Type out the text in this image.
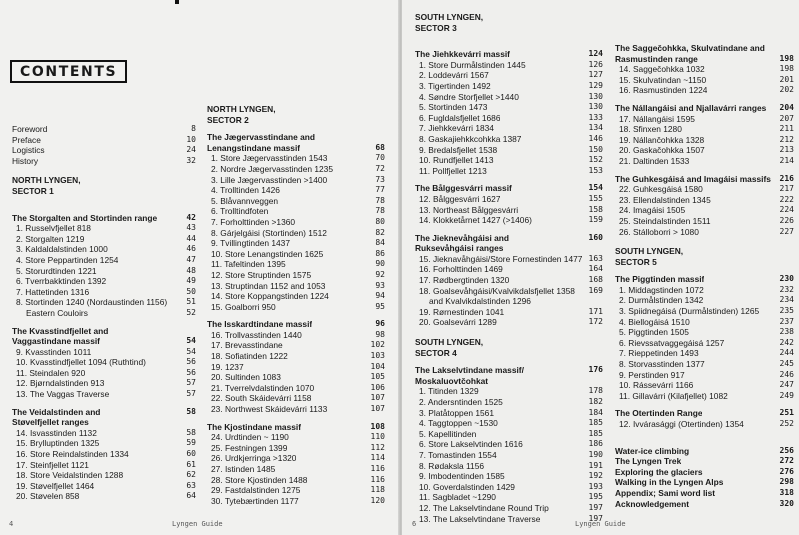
CONTENTS
Foreword	8
Preface	10
Logistics	24
History	32
NORTH LYNGEN,
SECTOR 1
The Storgalten and Stortinden range	42
1. Russelvfjellet 818	43
2. Storgalten 1219	44
3. Kaldaldalstinden 1000	46
4. Store Peppartinden 1254	47
5. Storurdtinden 1221	48
6. Tverrbakktinden 1392	49
7. Hattetinden 1316	50
8. Stortinden 1240 (Nordaustinden 1156) 51
Eastern Couloirs	52
The Kvasstindfjellet and
Vaggastindane massif	54
9. Kvasstinden 1011	54
10. Kvasstindfjellet 1094 (Ruthtind)	56
11. Steindalen 920	56
12. Bjørndalstinden 913	57
13. The Vaggas Traverse	57
The Veidalstinden and	58
Støvelfjellet ranges
14. Isvasstinden 1132	58
15. Brylluptinden 1325	59
16. Store Reindalstinden 1334	60
17. Steinfjellet 1121	61
18. Store Veidalstinden 1288	62
19. Støvelfjellet 1464	63
20. Støvelen 858	64
NORTH LYNGEN,
SECTOR 2
The Jægervasstindane and
Lenangstindane massif	68
1. Store Jægervasstinden 1543	70
2. Nordre Jægervasstinden 1235	72
3. Lille Jægervasstinden >1400	73
4. Trolltinden 1426	77
5. Blåvannveggen	78
6. Trolltindfoten	78
7. Forholttinden >1360	80
8. Gárjelgáisi (Stortinden) 1512	82
9. Tvillingtinden 1437	84
10. Store Lenangstinden 1625	86
11. Tafeltinden 1395	90
12. Store Struptinden 1575	92
13. Struptindan 1152 and 1053	93
14. Store Koppangstinden 1224	94
15. Goalborri 950	95
The Isskardtindane massif	96
16. Trollvasstinden 1440	98
17. Brevasstindane	102
18. Sofiatinden 1222	103
19. 1237	104
20. Sultinden 1083	105
21. Tverrelvdalstinden 1070	106
22. South Skáidevárri 1158	107
23. Northwest Skáidevárri 1133	107
The Kjostindane massif	108
24. Urdtinden ~ 1190	110
25. Festningen 1399	112
26. Urdkjerringa >1320	114
27. Istinden 1485	116
28. Store Kjostinden 1488	116
29. Fastdalstinden 1275	118
30. Tytebærtinden 1177	120
4	Lyngen Guide
SOUTH LYNGEN,
SECTOR 3
The Jiehkkevárri massif	124
1. Store Durmålstinden 1445	126
2. Loddevárri 1567	127
3. Tigertinden 1492	129
4. Søndre Storfjellet >1440	130
5. Stortinden 1473	130
6. Fugldalsfjellet 1686	133
7. Jiehkkevárri 1834	134
8. Gaskajiehkkcohkka 1387	146
9. Bredalsfjellet 1538	150
10. Rundfjellet 1413	152
11. Pollfjellet 1213	153
The Bålggesvárri massif	154
12. Bålggesvárri 1627	155
13. Northeast Bålggesvárri	158
14. Klokketårnet 1427 (>1406)	159
The Jieknevåhgáisi and	160
Ruksevåhgáisi ranges
15. Jieknavåhgáisi/Store Fornestinden 1477 163
16. Forholttinden 1469	164
17. Rødbergtinden 1320	168
18. Goalsevåhgáisi/Kvalvikdalsfjellet 1358 169
and Kvalvikdalstinden 1296
19. Rørnestinden 1041	171
20. Goalsevárri 1289	172
SOUTH LYNGEN,
SECTOR 4
The Lakselvtindane massif/	176
Moskaluovtčohkat
1. Titinden 1329	178
2. Andersntinden 1525	182
3. Platåtoppen 1561	184
4. Taggtoppen ~1530	185
5. Kapellitinden	185
6. Store Lakselvtinden 1616	186
7. Tomastinden 1554	190
8. Rødaksla 1156	191
9. Imbodentinden 1585	192
10. Goverdalstinden 1429	193
11. Sagbladet ~1290	195
12. The Lakselvtindane Round Trip	197
13. The Lakselvtindane Traverse	197
The Saggečohkka, Skulvatindane and
Rasmustinden range	198
14. Saggečohkka 1032	198
15. Skulvatindan ~1150	201
16. Rasmustinden 1224	202
The Nállangáisi and Njallavárri ranges 204
17. Nállangáisi 1595	207
18. Sfinxen 1280	211
19. Nállančohkka 1328	212
20. Gaskačohkka 1507	213
21. Daltinden 1533	214
The Guhkesgáisá and Imagáisi massifs 216
22. Guhkesgáisá 1580	217
23. Ellendalstinden 1345	222
24. Imagáisi 1505	224
25. Steindalstinden 1511	226
26. Stálloborri > 1080	227
SOUTH LYNGEN,
SECTOR 5
The Piggtinden massif	230
1. Middagstinden 1072	232
2. Durmålstinden 1342	234
3. Spiidnegáisá (Durmålstinden) 1265	235
4. Biellogáisá 1510	237
5. Piggtinden 1505	238
6. Rievssatvaggegáisá 1257	242
7. Rieppetinden 1493	244
8. Storvasstinden 1377	245
9. Perstinden 917	246
10. Rássevárri 1166	247
11. Gillavárri (Kilafjellet) 1082	249
The Otertinden Range	251
12. Ivvárasággi (Otertinden) 1354	252
Water-ice climbing	256
The Lyngen Trek	272
Exploring the glaciers	276
Walking in the Lyngen Alps	298
Appendix; Sami word list	318
Acknowledgement	320
6	Lyngen Guide
